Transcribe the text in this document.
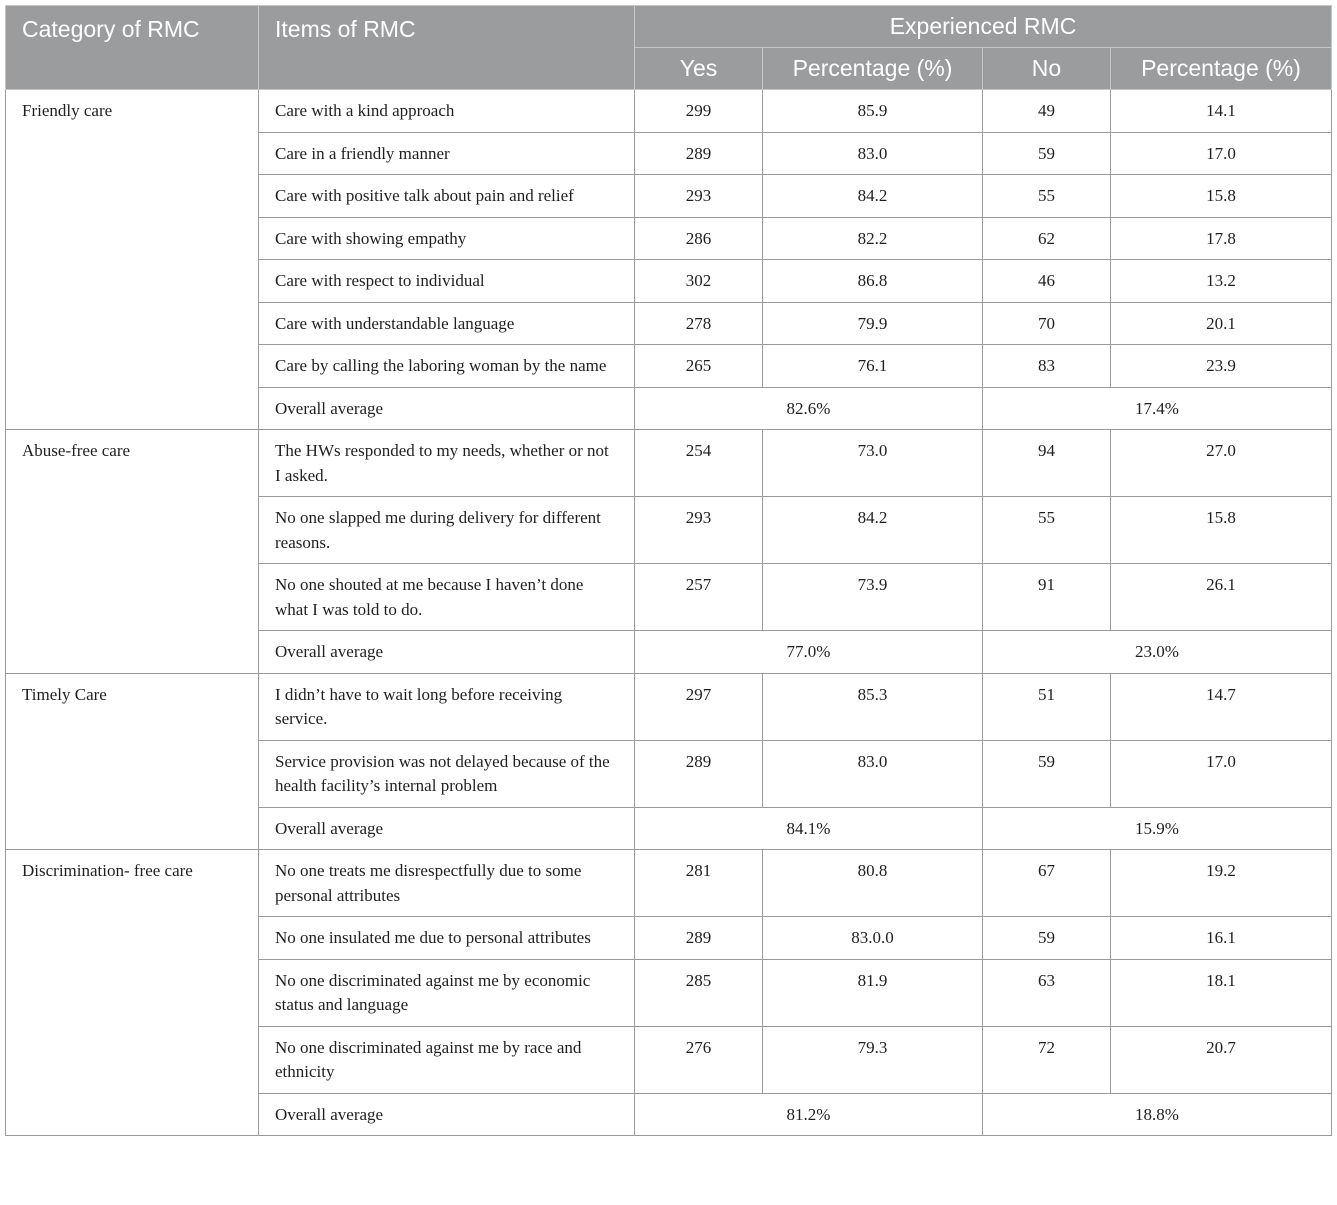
Category of RMC	Items of RMC	Experienced RMC			
		Yes	Percentage (%)	No	Percentage (%)
Friendly care	Care with a kind approach	299	85.9	49	14.1
	Care in a friendly manner	289	83.0	59	17.0
	Care with positive talk about pain and relief	293	84.2	55	15.8
	Care with showing empathy	286	82.2	62	17.8
	Care with respect to individual	302	86.8	46	13.2
	Care with understandable language	278	79.9	70	20.1
	Care by calling the laboring woman by the name	265	76.1	83	23.9
	Overall average	82.6%		17.4%	
Abuse-free care	The HWs responded to my needs, whether or not I asked.	254	73.0	94	27.0
	No one slapped me during delivery for different reasons.	293	84.2	55	15.8
	No one shouted at me because I haven’t done what I was told to do.	257	73.9	91	26.1
	Overall average	77.0%		23.0%	
Timely Care	I didn’t have to wait long before receiving service.	297	85.3	51	14.7
	Service provision was not delayed because of the health facility’s internal problem	289	83.0	59	17.0
	Overall average	84.1%		15.9%	
Discrimination- free care	No one treats me disrespectfully due to some personal attributes	281	80.8	67	19.2
	No one insulated me due to personal attributes	289	83.0.0	59	16.1
	No one discriminated against me by economic status and language	285	81.9	63	18.1
	No one discriminated against me by race and ethnicity	276	79.3	72	20.7
	Overall average	81.2%		18.8%	
